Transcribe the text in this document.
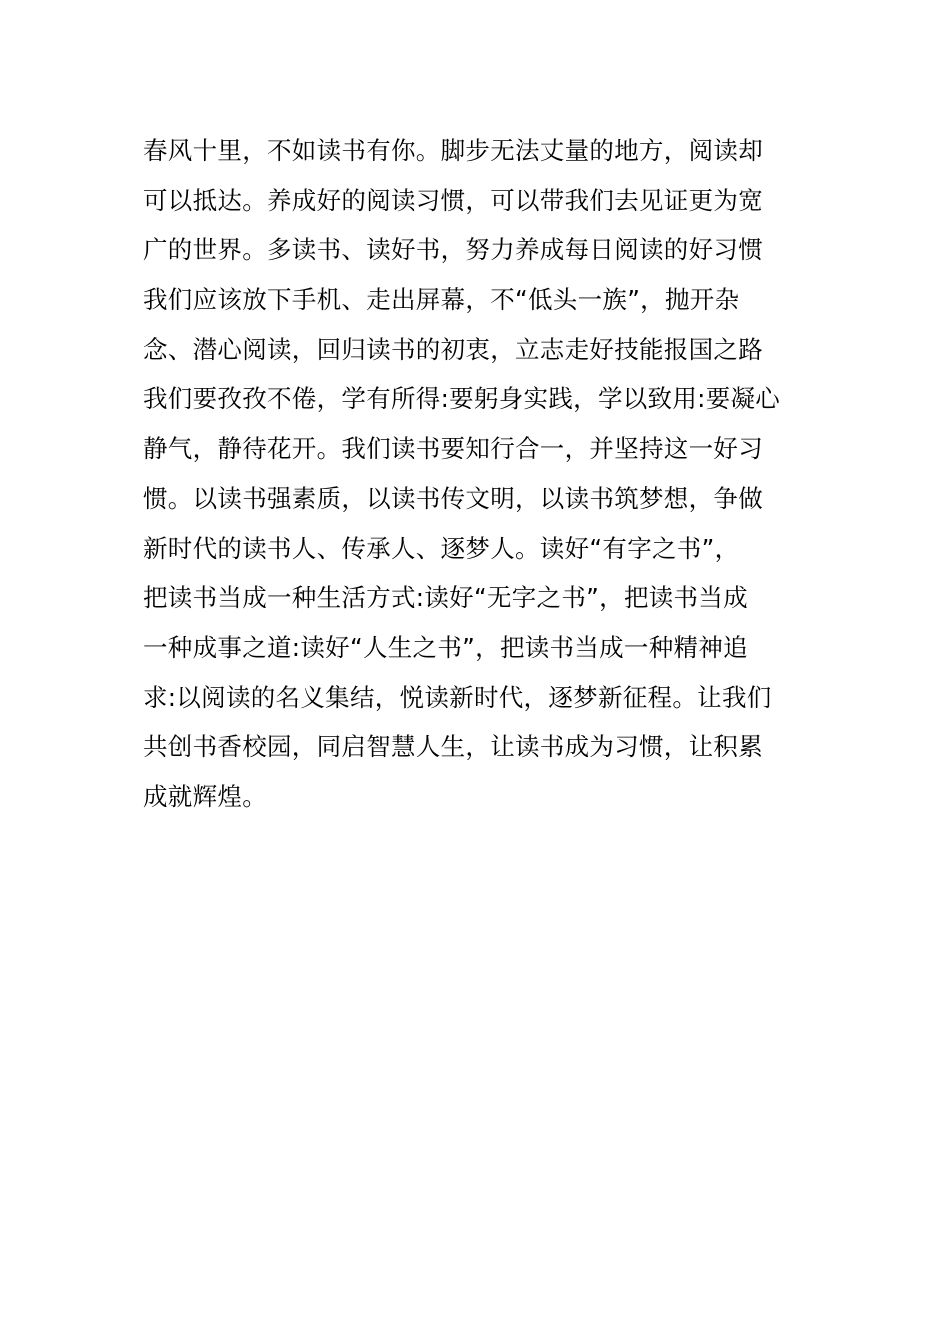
春风十里，不如读书有你。脚步无法丈量的地方，阅读却
可以抵达。养成好的阅读习惯，可以带我们去见证更为宽
广的世界。多读书、读好书，努力养成每日阅读的好习惯
我们应该放下手机、走出屏幕，不“低头一族”，抛开杂
念、潜心阅读，回归读书的初衷，立志走好技能报国之路
我们要孜孜不倦，学有所得:要躬身实践，学以致用:要凝心
静气，静待花开。我们读书要知行合一，并坚持这一好习
惯。以读书强素质，以读书传文明，以读书筑梦想，争做
新时代的读书人、传承人、逐梦人。读好“有字之书”，
把读书当成一种生活方式:读好“无字之书”，把读书当成
一种成事之道:读好“人生之书”，把读书当成一种精神追
求:以阅读的名义集结，悦读新时代，逐梦新征程。让我们
共创书香校园，同启智慧人生，让读书成为习惯，让积累
成就辉煌。
